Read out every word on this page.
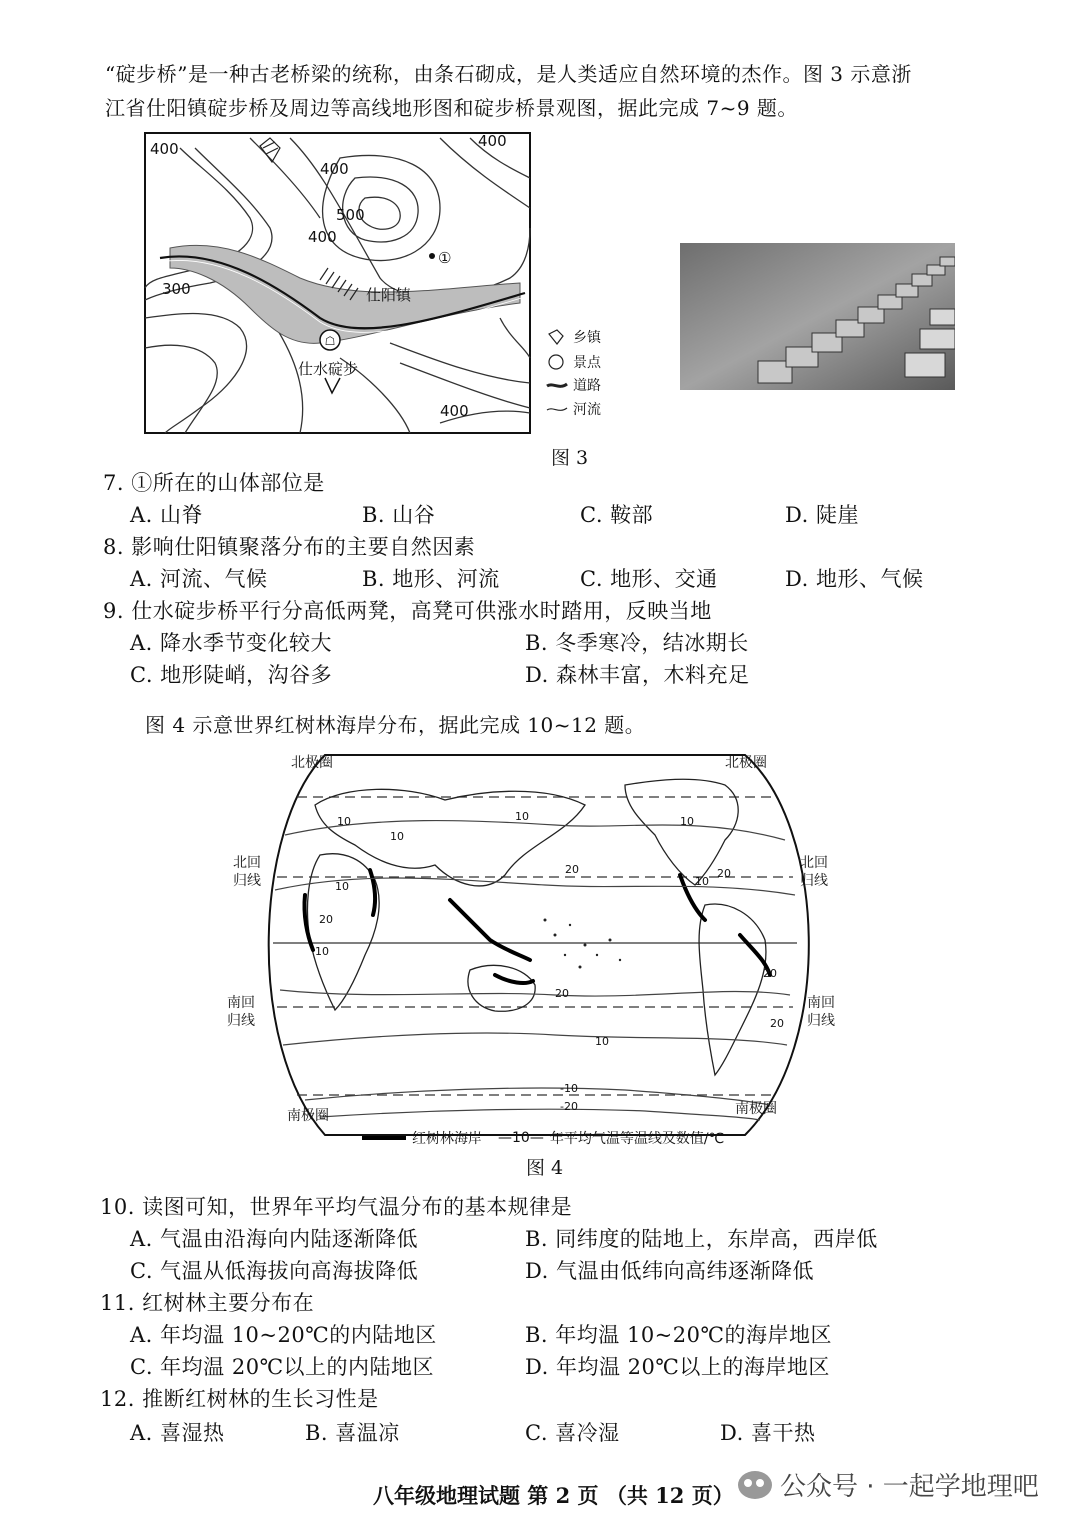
“碇步桥”是一种古老桥梁的统称，由条石砌成，是人类适应自然环境的杰作。图 3 示意浙
江省仕阳镇碇步桥及周边等高线地形图和碇步桥景观图，据此完成 7~9 题。
☖
400	400
400
500
400
300
①
仕阳镇
仕水碇步
400
乡镇
景点
道路
河流
图 3
7. ①所在的山体部位是
A. 山脊	B. 山谷	C. 鞍部	D. 陡崖
8. 影响仕阳镇聚落分布的主要自然因素
A. 河流、气候	B. 地形、河流	C. 地形、交通	D. 地形、气候
9. 仕水碇步桥平行分高低两凳，高凳可供涨水时踏用，反映当地
A. 降水季节变化较大	B. 冬季寒冷，结冰期长
C. 地形陡峭，沟谷多	D. 森林丰富，木料充足
图 4 示意世界红树林海岸分布，据此完成 10~12 题。
北极圈	北极圈
北回
归线
北回
归线
南回
归线
南回
归线
南极圈	南极圈
10
10
10	10
10	10
10
20
20
20
20
20
20
10
-10
-20
红树林海岸 —10— 年平均气温等温线及数值/℃
图 4
10. 读图可知，世界年平均气温分布的基本规律是
A. 气温由沿海向内陆逐渐降低	B. 同纬度的陆地上，东岸高，西岸低
C. 气温从低海拔向高海拔降低	D. 气温由低纬向高纬逐渐降低
11. 红树林主要分布在
A. 年均温 10~20℃的内陆地区	B. 年均温 10~20℃的海岸地区
C. 年均温 20℃以上的内陆地区	D. 年均温 20℃以上的海岸地区
12. 推断红树林的生长习性是
A. 喜湿热	B. 喜温凉	C. 喜冷湿	D. 喜干热
八年级地理试题 第 2 页 （共 12 页） 公众号 · 一起学地理吧
